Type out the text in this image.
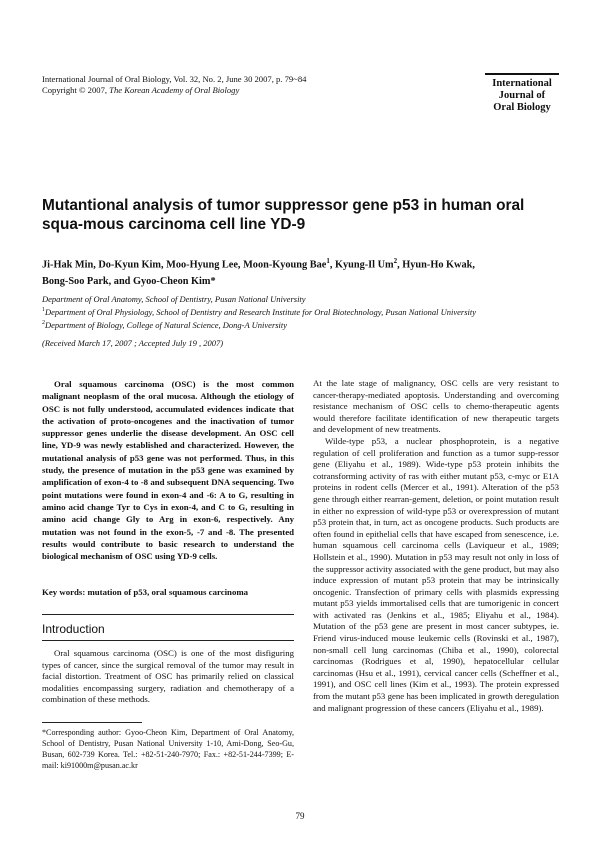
International Journal of Oral Biology, Vol. 32, No. 2, June 30 2007, p. 79~84
Copyright © 2007, The Korean Academy of Oral Biology
International
Journal of
Oral Biology
Mutantional analysis of tumor suppressor gene p53 in human oral squa-mous carcinoma cell line YD-9
Ji-Hak Min, Do-Kyun Kim, Moo-Hyung Lee, Moon-Kyoung Bae$^1$, Kyung-Il Um$^2$, Hyun-Ho Kwak,
Bong-Soo Park, and Gyoo-Cheon Kim*
Department of Oral Anatomy, School of Dentistry, Pusan National University
$^1$Department of Oral Physiology, School of Dentistry and Research Institute for Oral Biotechnology, Pusan National University
$^2$Department of Biology, College of Natural Science, Dong-A University
(Received March 17, 2007 ; Accepted July 19 , 2007)

Oral squamous carcinoma (OSC) is the most common malignant neoplasm of the oral mucosa. Although the etiology of OSC is not fully understood, accumulated evidences indicate that the activation of proto-oncogenes and the inactivation of tumor suppressor genes underlie the disease development. An OSC cell line, YD-9 was newly established and characterized. However, the mutational analysis of p53 gene was not performed. Thus, in this study, the presence of mutation in the p53 gene was examined by amplification of exon-4 to -8 and subsequent DNA sequencing. Two point mutations were found in exon-4 and -6: A to G, resulting in amino acid change Tyr to Cys in exon-4, and C to G, resulting in amino acid change Gly to Arg in exon-6, respectively. Any mutation was not found in the exon-5, -7 and -8. The presented results would contribute to basic research to understand the biological mechanism of OSC using YD-9 cells.

Key words: mutation of p53, oral squamous carcinoma
Introduction

Oral squamous carcinoma (OSC) is one of the most disfiguring types of cancer, since the surgical removal of the tumor may result in facial distortion. Treatment of OSC has primarily relied on classical modalities encompassing surgery, radiation and chemotherapy of a combination of these methods.

*Corresponding author: Gyoo-Cheon Kim, Department of Oral Anatomy, School of Dentistry, Pusan National University 1-10, Ami-Dong, Seo-Gu, Busan, 602-739 Korea. Tel.: +82-51-240-7970; Fax.: +82-51-244-7399; E-mail: ki91000m@pusan.ac.kr

At the late stage of malignancy, OSC cells are very resistant to cancer-therapy-mediated apoptosis. Understanding and overcoming resistance mechanism of OSC cells to chemo-therapeutic agents would therefore facilitate identification of new therapeutic targets and development of new treatments.

Wilde-type p53, a nuclear phosphoprotein, is a negative regulation of cell proliferation and function as a tumor supp-ressor gene (Eliyahu et al., 1989). Wide-type p53 protein inhibits the cotransforming activity of ras with either mutant p53, c-myc or E1A proteins in rodent cells (Mercer et al., 1991). Alteration of the p53 gene through either rearran-gement, deletion, or point mutation result in either no expression of wild-type p53 or overexpression of mutant p53 protein that, in turn, act as oncogene products. Such products are often found in epithelial cells that have escaped from senescence, i.e. human squamous cell carcinoma cells (Laviqueur et al., 1989; Hollstein et al., 1990). Mutation in p53 may result not only in loss of the suppressor activity associated with the gene product, but may also induce expression of mutant p53 protein that may be intrinsically oncogenic. Transfection of primary cells with plasmids expressing mutant p53 yields immortalised cells that are tumorigenic in concert with activated ras (Jenkins et al., 1985; Eliyahu et al., 1984). Mutation of the p53 gene are present in most cancer subtypes, ie. Friend virus-induced mouse leukemic cells (Rovinski et al., 1987), non-small cell lung carcinomas (Chiba et al., 1990), colorectal carcinomas (Rodrigues et al, 1990), hepatocellular cellular carcinomas (Hsu et al., 1991), cervical cancer cells (Scheffner et al., 1991), and OSC cell lines (Kim et al., 1993). The protein expressed from the mutant p53 gene has been implicated in growth deregulation and malignant progression of these cancers (Eliyahu et al., 1989).

79
